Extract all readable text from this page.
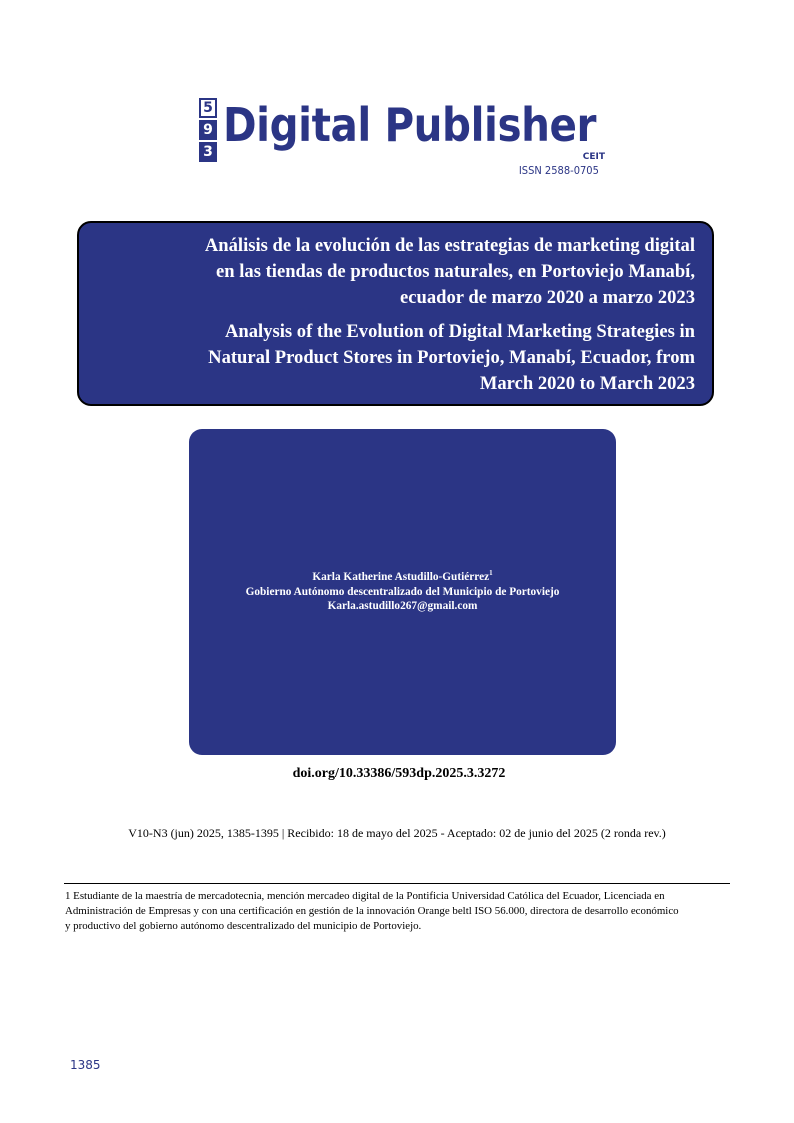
5
9
3 Digital Publisher
CEIT
ISSN 2588-0705

Análisis de la evolución de las estrategias de marketing digital
en las tiendas de productos naturales, en Portoviejo Manabí,
ecuador de marzo 2020 a marzo 2023

Analysis of the Evolution of Digital Marketing Strategies in
Natural Product Stores in Portoviejo, Manabí, Ecuador, from
March 2020 to March 2023

Karla Katherine Astudillo-Gutiérrez$^1$
Gobierno Autónomo descentralizado del Municipio de Portoviejo
Karla.astudillo267@gmail.com
doi.org/10.33386/593dp.2025.3.3272
V10-N3 (jun) 2025, 1385-1395 | Recibido: 18 de mayo del 2025 - Aceptado: 02 de junio del 2025 (2 ronda rev.)
1 Estudiante de la maestría de mercadotecnia, mención mercadeo digital de la Pontificia Universidad Católica del Ecuador, Licenciada en
Administración de Empresas y con una certificación en gestión de la innovación Orange beltl ISO 56.000, directora de desarrollo económico
y productivo del gobierno autónomo descentralizado del municipio de Portoviejo.
1385
